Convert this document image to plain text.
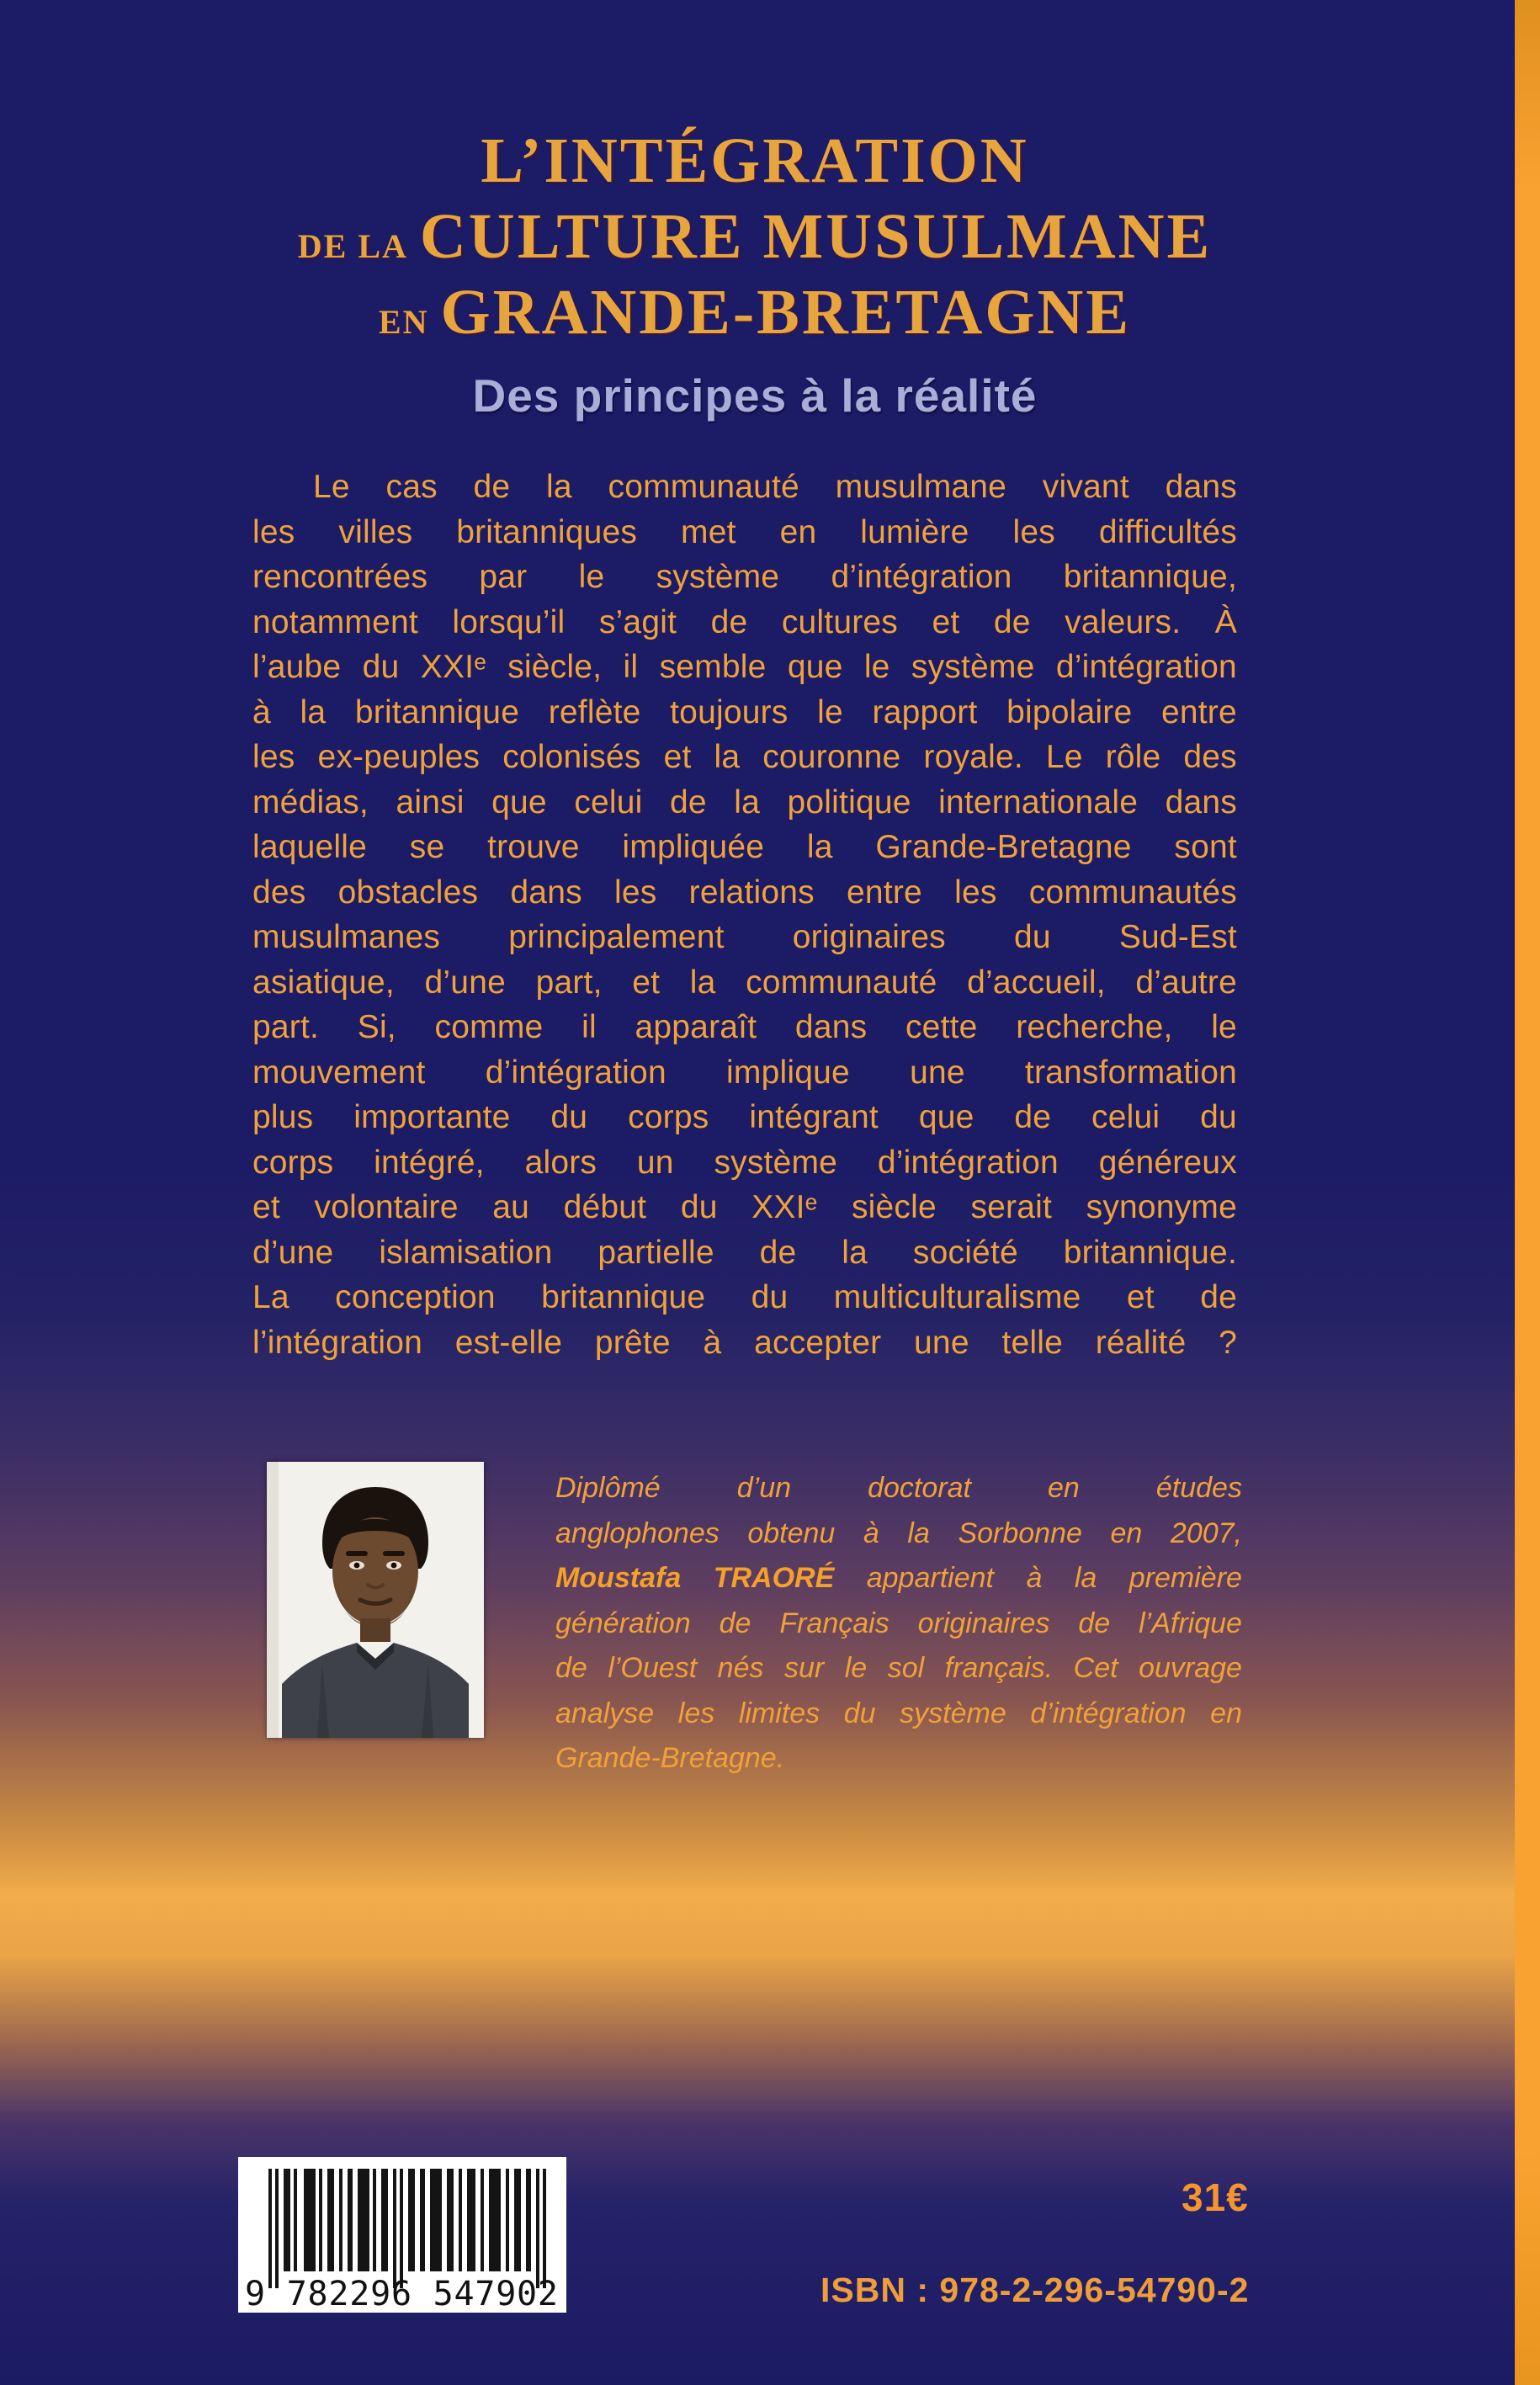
L’INTÉGRATION
DE LA CULTURE MUSULMANE
EN GRANDE-BRETAGNE
Des principes à la réalité
Le cas de la communauté musulmane vivant dans
les villes britanniques met en lumière les difficultés
rencontrées par le système d’intégration britannique,
notamment lorsqu’il s’agit de cultures et de valeurs. À
l’aube du XXIᵉ siècle, il semble que le système d’intégration
à la britannique reflète toujours le rapport bipolaire entre
les ex-peuples colonisés et la couronne royale. Le rôle des
médias, ainsi que celui de la politique internationale dans
laquelle se trouve impliquée la Grande-Bretagne sont
des obstacles dans les relations entre les communautés
musulmanes principalement originaires du Sud-Est
asiatique, d’une part, et la communauté d’accueil, d’autre
part. Si, comme il apparaît dans cette recherche, le
mouvement d’intégration implique une transformation
plus importante du corps intégrant que de celui du
corps intégré, alors un système d’intégration généreux
et volontaire au début du XXIᵉ siècle serait synonyme
d’une islamisation partielle de la société britannique.
La conception britannique du multiculturalisme et de
l’intégration est-elle prête à accepter une telle réalité ?
Diplômé	d’un	doctorat	en	études
anglophones obtenu à la Sorbonne en 2007,
Moustafa TRAORÉ appartient à la première
génération de Français originaires de l’Afrique
de l’Ouest nés sur le sol français. Cet ouvrage
analyse les limites du système d’intégration en
Grande-Bretagne.
9 782296 547902
31€
ISBN : 978-2-296-54790-2
